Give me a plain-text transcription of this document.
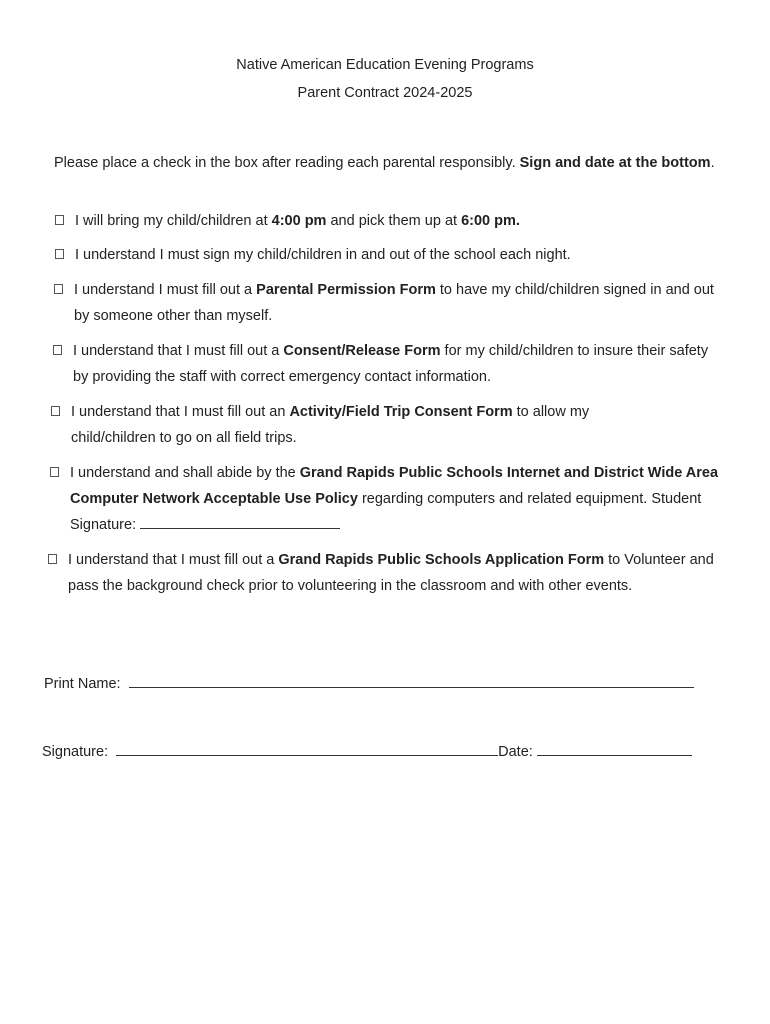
Native American Education Evening Programs
Parent Contract 2024-2025
Please place a check in the box after reading each parental responsibly. Sign and date at the bottom.
I will bring my child/children at 4:00 pm and pick them up at 6:00 pm.
I understand I must sign my child/children in and out of the school each night.
I understand I must fill out a Parental Permission Form to have my child/children signed in and out by someone other than myself.
I understand that I must fill out a Consent/Release Form for my child/children to insure their safety by providing the staff with correct emergency contact information.
I understand that I must fill out an Activity/Field Trip Consent Form to allow my child/children to go on all field trips.
I understand and shall abide by the Grand Rapids Public Schools Internet and District Wide Area Computer Network Acceptable Use Policy regarding computers and related equipment. Student Signature:
I understand that I must fill out a Grand Rapids Public Schools Application Form to Volunteer and pass the background check prior to volunteering in the classroom and with other events.
Print Name:
Signature:	Date:
